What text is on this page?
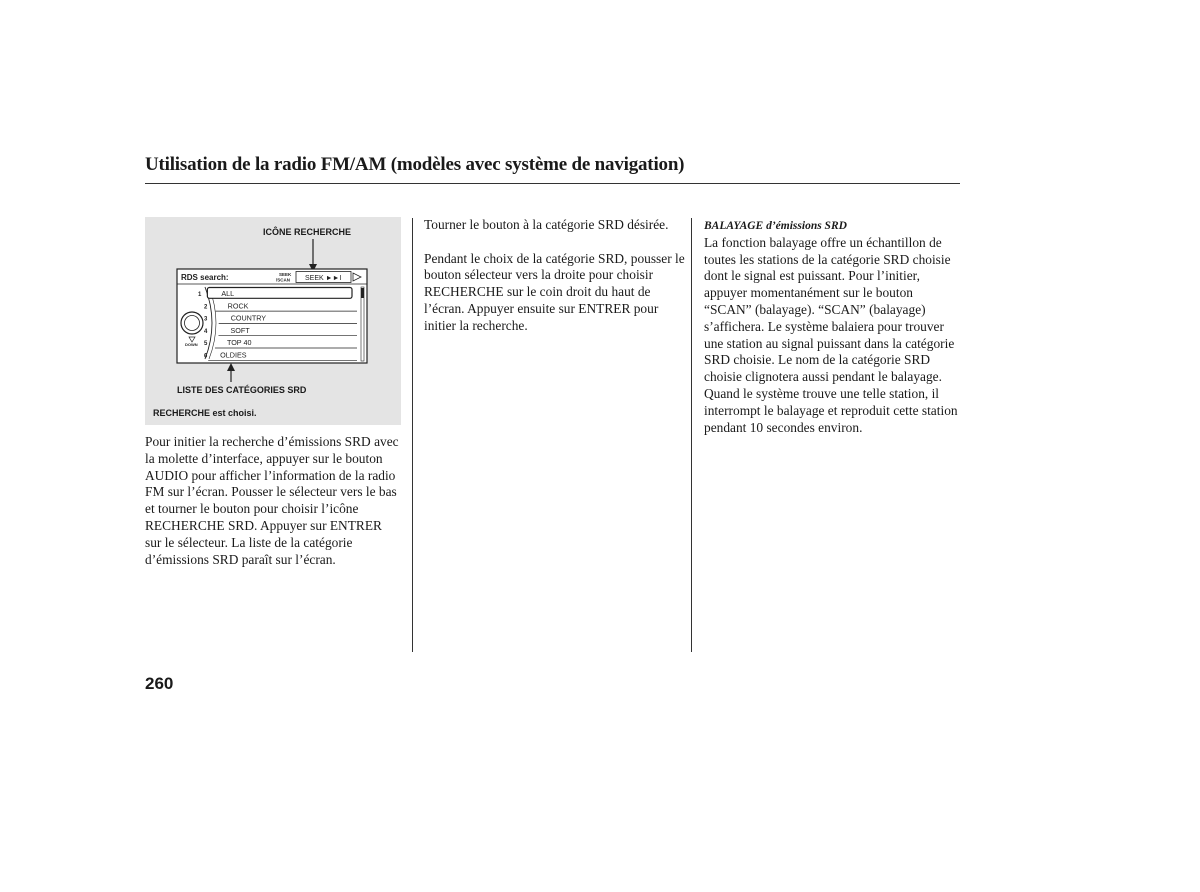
Utilisation de la radio FM/AM (modèles avec système de navigation)
ICÔNE RECHERCHE
LISTE DES CATÉGORIES SRD
RECHERCHE est choisi.
RDS search:	SEEK
/SCAN SEEK ►►I
DOWN
1	ALL
2	ROCK
3	COUNTRY
4	SOFT
5	TOP 40
6 OLDIES

Pour initier la recherche d’émissions SRD avec la molette d’interface, appuyer sur le bouton AUDIO pour afficher l’information de la radio FM sur l’écran. Pousser le sélecteur vers le bas et tourner le bouton pour choisir l’icône RECHERCHE SRD. Appuyer sur ENTRER sur le sélecteur. La liste de la catégorie d’émissions SRD paraît sur l’écran.

Tourner le bouton à la catégorie SRD désirée.

Pendant le choix de la catégorie SRD, pousser le bouton sélecteur vers la droite pour choisir RECHERCHE sur le coin droit du haut de l’écran. Appuyer ensuite sur ENTRER pour initier la recherche.

BALAYAGE d’émissions SRD

La fonction balayage offre un échantillon de toutes les stations de la catégorie SRD choisie dont le signal est puissant. Pour l’initier, appuyer momentanément sur le bouton “SCAN” (balayage). “SCAN” (balayage) s’affichera. Le système balaiera pour trouver une station au signal puissant dans la catégorie SRD choisie. Le nom de la catégorie SRD choisie clignotera aussi pendant le balayage. Quand le système trouve une telle station, il interrompt le balayage et reproduit cette station pendant 10 secondes environ.

260
